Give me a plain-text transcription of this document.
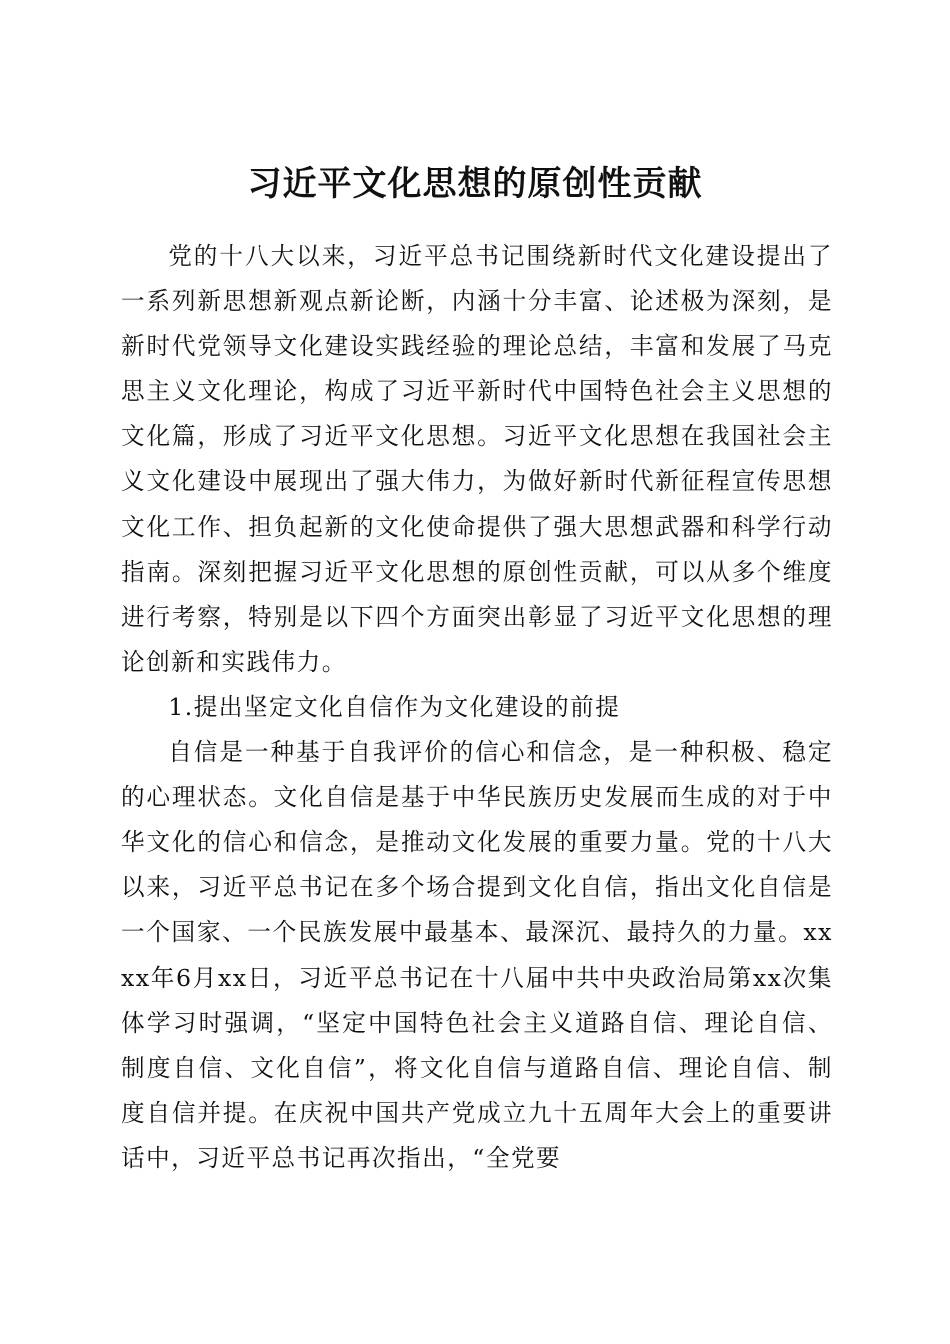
习近平文化思想的原创性贡献

党的十八大以来，习近平总书记围绕新时代文化建设提出了一系列新思想新观点新论断，内涵十分丰富、论述极为深刻，是新时代党领导文化建设实践经验的理论总结，丰富和发展了马克思主义文化理论，构成了习近平新时代中国特色社会主义思想的文化篇，形成了习近平文化思想。习近平文化思想在我国社会主义文化建设中展现出了强大伟力，为做好新时代新征程宣传思想文化工作、担负起新的文化使命提供了强大思想武器和科学行动指南。深刻把握习近平文化思想的原创性贡献，可以从多个维度进行考察，特别是以下四个方面突出彰显了习近平文化思想的理论创新和实践伟力。

1.提出坚定文化自信作为文化建设的前提

自信是一种基于自我评价的信心和信念，是一种积极、稳定的心理状态。文化自信是基于中华民族历史发展而生成的对于中华文化的信心和信念，是推动文化发展的重要力量。党的十八大以来，习近平总书记在多个场合提到文化自信，指出文化自信是一个国家、一个民族发展中最基本、最深沉、最持久的力量。xxxx年6月xx日，习近平总书记在十八届中共中央政治局第xx次集体学习时强调，“坚定中国特色社会主义道路自信、理论自信、制度自信、文化自信”，将文化自信与道路自信、理论自信、制度自信并提。在庆祝中国共产党成立九十五周年大会上的重要讲话中，习近平总书记再次指出，“全党要
